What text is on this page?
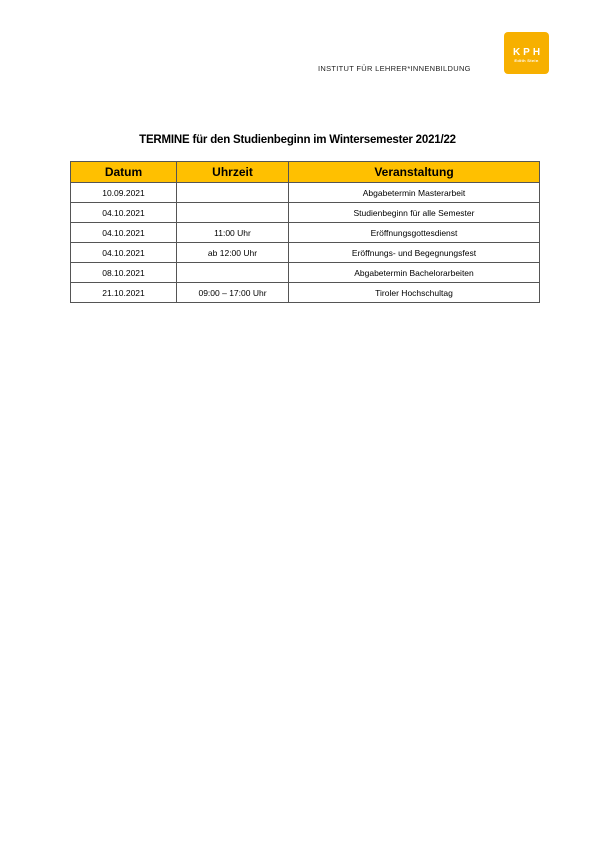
INSTITUT FÜR LEHRER*INNENBILDUNG
KPH
Edith Stein
TERMINE für den Studienbeginn im Wintersemester 2021/22
Datum	Uhrzeit	Veranstaltung
10.09.2021		Abgabetermin Masterarbeit
04.10.2021		Studienbeginn für alle Semester
04.10.2021	11:00 Uhr	Eröffnungsgottesdienst
04.10.2021	ab 12:00 Uhr	Eröffnungs- und Begegnungsfest
08.10.2021		Abgabetermin Bachelorarbeiten
21.10.2021	09:00 – 17:00 Uhr	Tiroler Hochschultag
